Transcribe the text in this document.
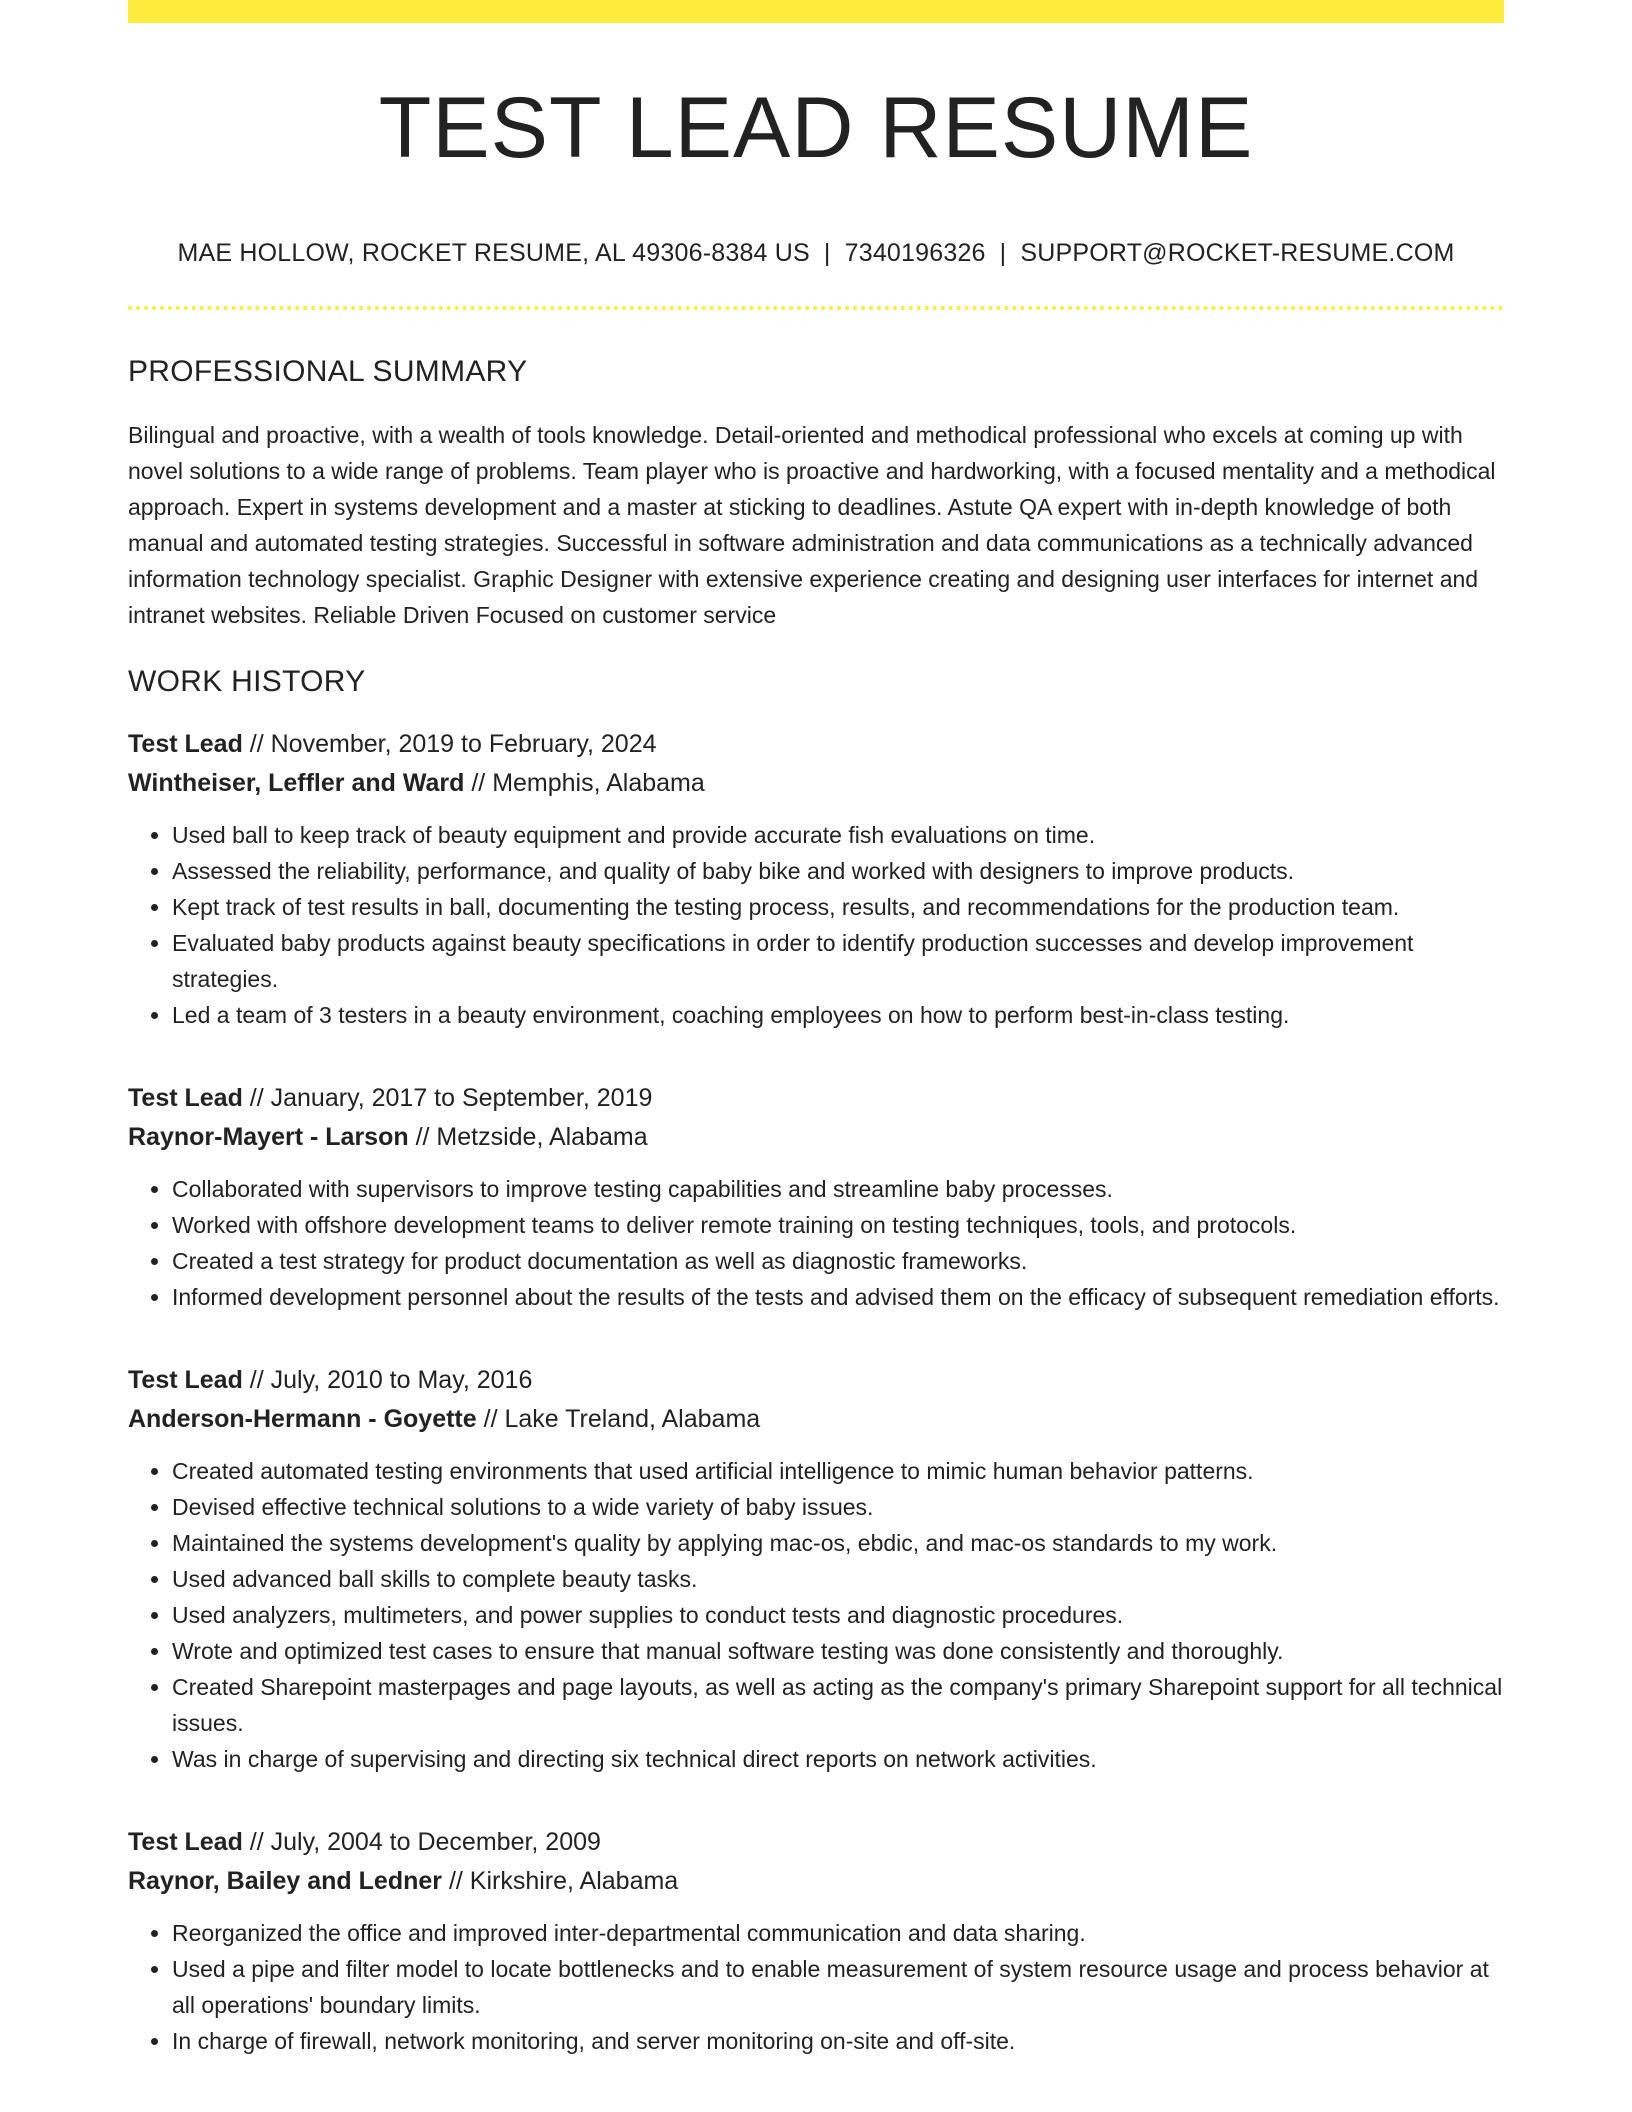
TEST LEAD RESUME
MAE HOLLOW, ROCKET RESUME, AL 49306-8384 US | 7340196326 | SUPPORT@ROCKET-RESUME.COM
PROFESSIONAL SUMMARY

Bilingual and proactive, with a wealth of tools knowledge. Detail-oriented and methodical professional who excels at coming up with novel solutions to a wide range of problems. Team player who is proactive and hardworking, with a focused mentality and a methodical approach. Expert in systems development and a master at sticking to deadlines. Astute QA expert with in-depth knowledge of both manual and automated testing strategies. Successful in software administration and data communications as a technically advanced information technology specialist. Graphic Designer with extensive experience creating and designing user interfaces for internet and intranet websites. Reliable Driven Focused on customer service

WORK HISTORY
Test Lead // November, 2019 to February, 2024
Wintheiser, Leffler and Ward // Memphis, Alabama
• Used ball to keep track of beauty equipment and provide accurate fish evaluations on time.
• Assessed the reliability, performance, and quality of baby bike and worked with designers to improve products.
• Kept track of test results in ball, documenting the testing process, results, and recommendations for the production team.
• Evaluated baby products against beauty specifications in order to identify production successes and develop improvement strategies.
• Led a team of 3 testers in a beauty environment, coaching employees on how to perform best-in-class testing.
Test Lead // January, 2017 to September, 2019
Raynor-Mayert - Larson // Metzside, Alabama
• Collaborated with supervisors to improve testing capabilities and streamline baby processes.
• Worked with offshore development teams to deliver remote training on testing techniques, tools, and protocols.
• Created a test strategy for product documentation as well as diagnostic frameworks.
• Informed development personnel about the results of the tests and advised them on the efficacy of subsequent remediation efforts.
Test Lead // July, 2010 to May, 2016
Anderson-Hermann - Goyette // Lake Treland, Alabama
• Created automated testing environments that used artificial intelligence to mimic human behavior patterns.
• Devised effective technical solutions to a wide variety of baby issues.
• Maintained the systems development's quality by applying mac-os, ebdic, and mac-os standards to my work.
• Used advanced ball skills to complete beauty tasks.
• Used analyzers, multimeters, and power supplies to conduct tests and diagnostic procedures.
• Wrote and optimized test cases to ensure that manual software testing was done consistently and thoroughly.
• Created Sharepoint masterpages and page layouts, as well as acting as the company's primary Sharepoint support for all technical issues.
• Was in charge of supervising and directing six technical direct reports on network activities.
Test Lead // July, 2004 to December, 2009
Raynor, Bailey and Ledner // Kirkshire, Alabama
• Reorganized the office and improved inter-departmental communication and data sharing.
• Used a pipe and filter model to locate bottlenecks and to enable measurement of system resource usage and process behavior at all operations' boundary limits.
• In charge of firewall, network monitoring, and server monitoring on-site and off-site.
